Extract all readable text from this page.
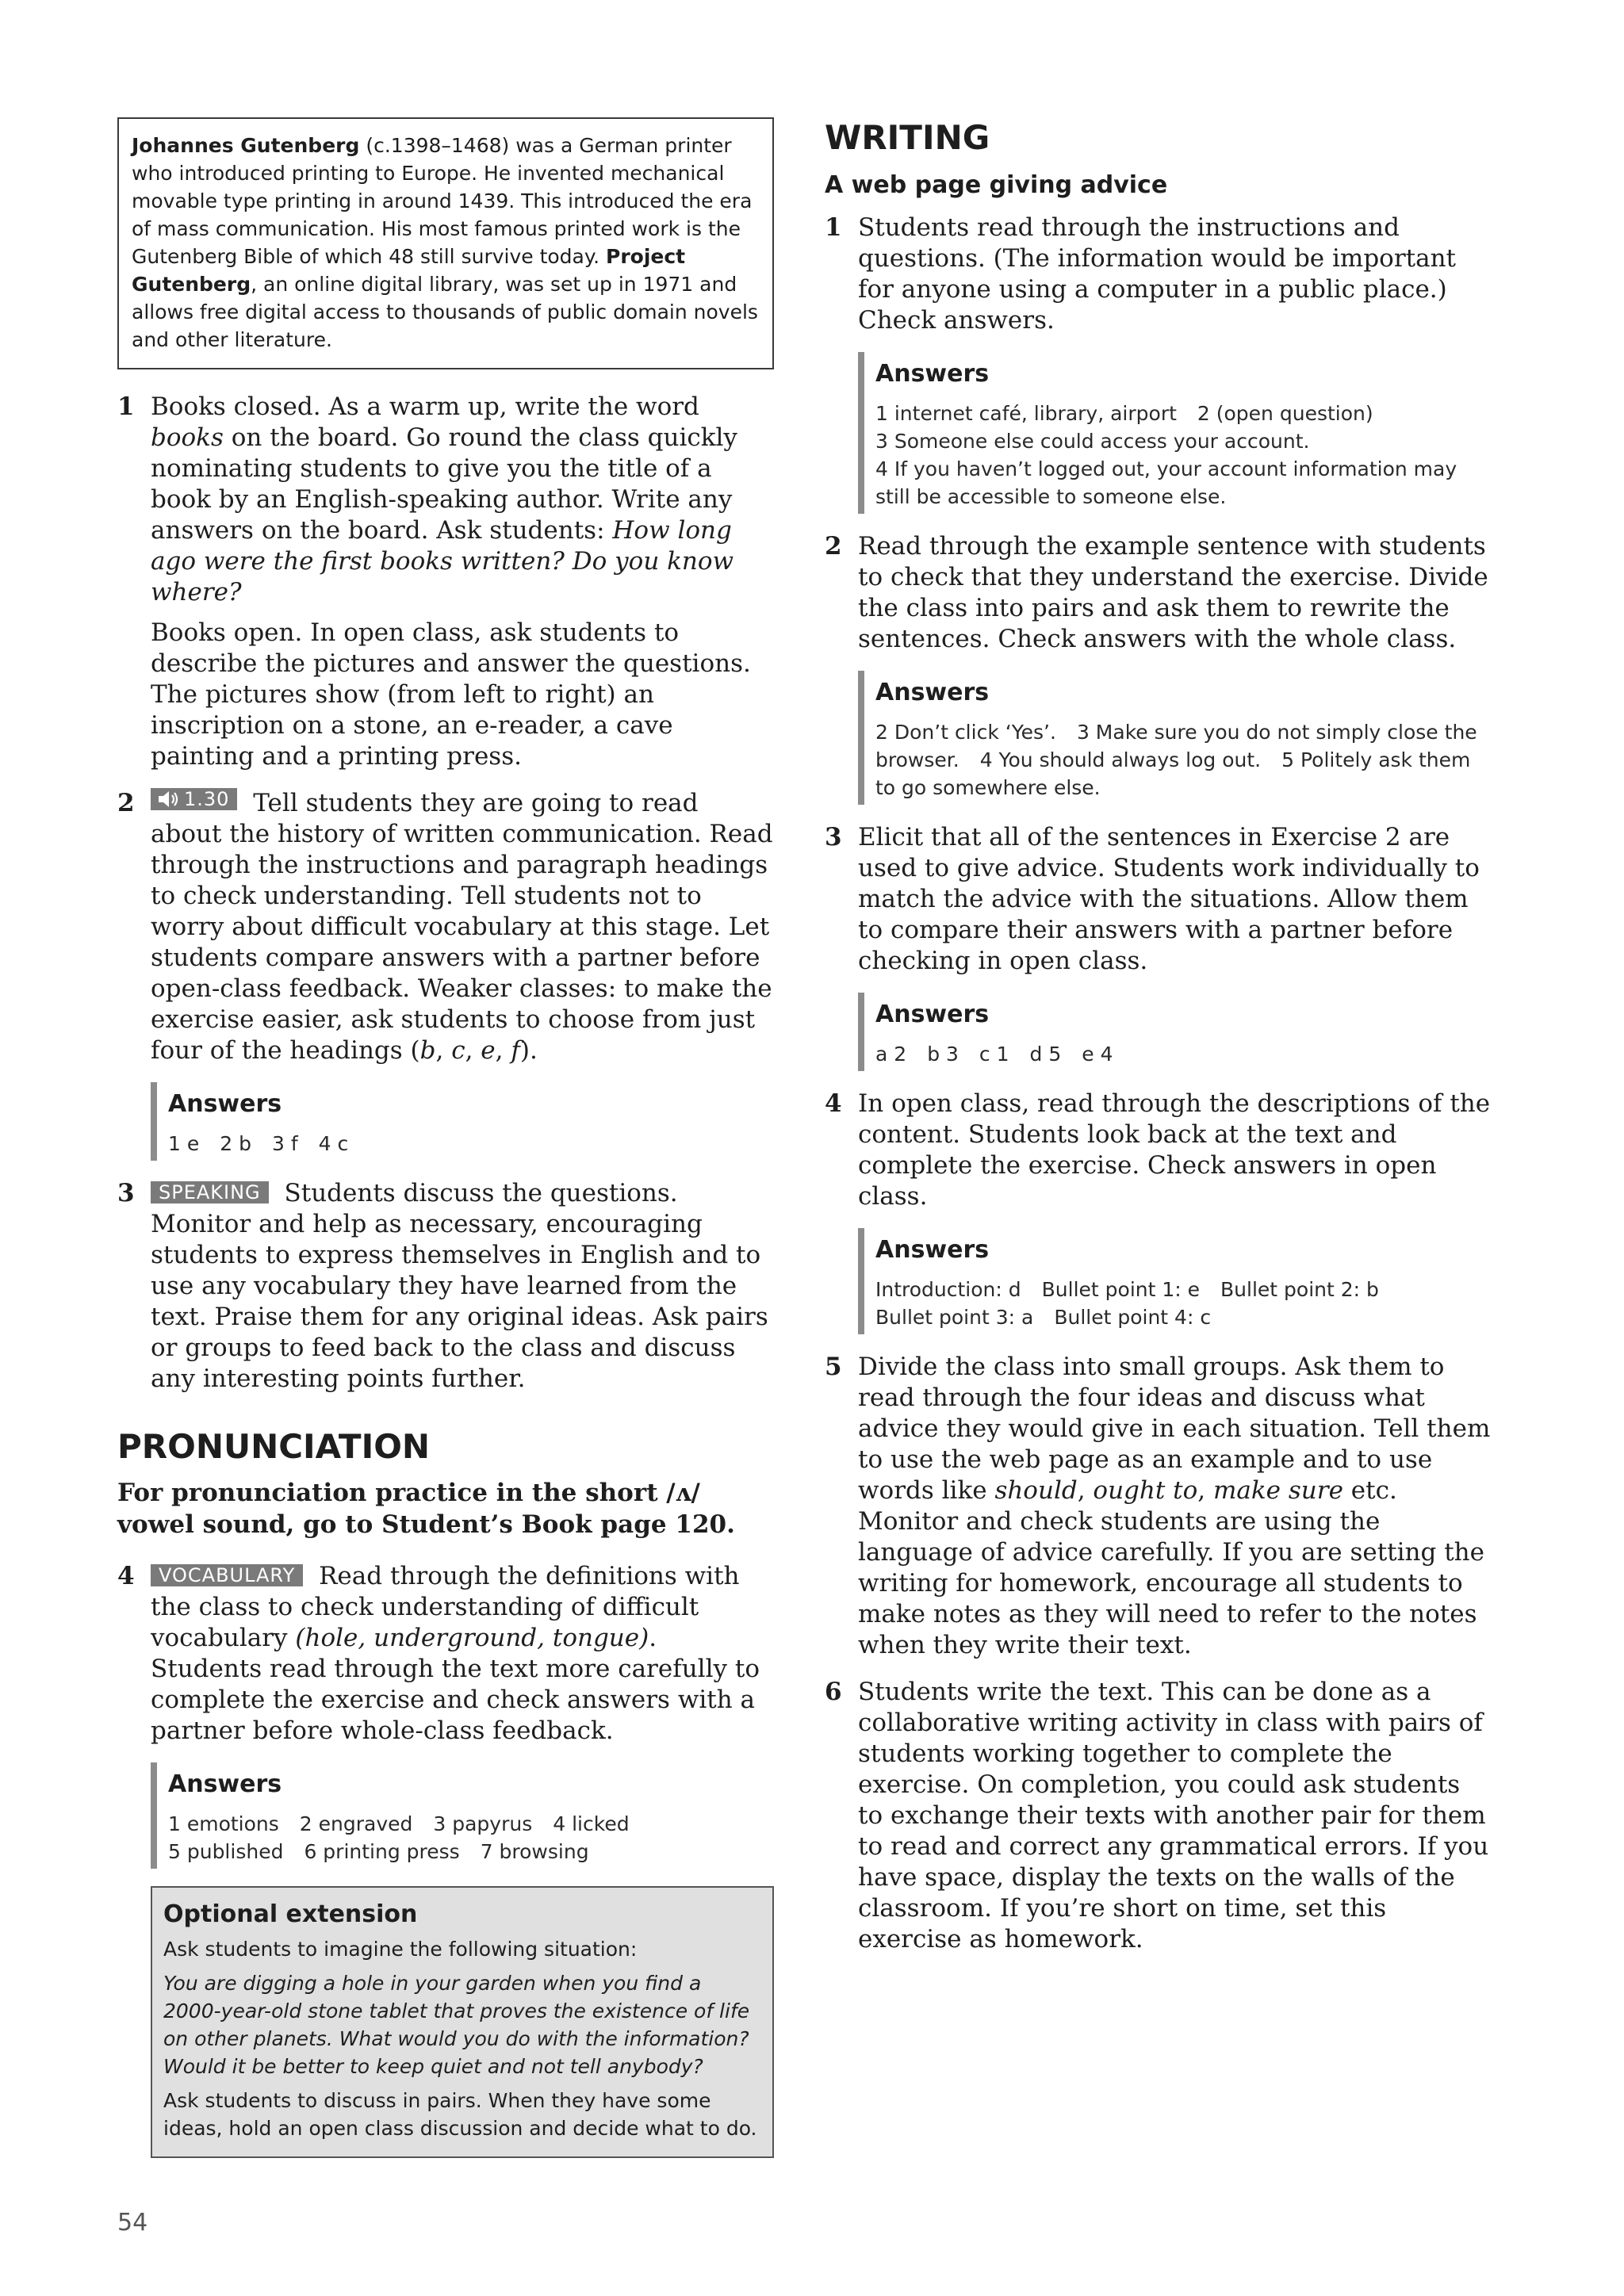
Johannes Gutenberg (c.1398–1468) was a German printer who introduced printing to Europe. He invented mechanical movable type printing in around 1439. This introduced the era of mass communication. His most famous printed work is the Gutenberg Bible of which 48 still survive today. Project Gutenberg, an online digital library, was set up in 1971 and allows free digital access to thousands of public domain novels and other literature.
1 Books closed. As a warm up, write the word books on the board. Go round the class quickly nominating students to give you the title of a book by an English-speaking author. Write any answers on the board. Ask students: How long ago were the first books written? Do you know where?

Books open. In open class, ask students to describe the pictures and answer the questions. The pictures show (from left to right) an inscription on a stone, an e-reader, a cave painting and a printing press.

2	1.30 Tell students they are going to read about the history of written communication. Read through the instructions and paragraph headings to check understanding. Tell students not to worry about difficult vocabulary at this stage. Let students compare answers with a partner before open-class feedback. Weaker classes: to make the exercise easier, ask students to choose from just four of the headings (b, c, e, f).

Answers
1 e 2 b 3 f 4 c
3	SPEAKING Students discuss the questions. Monitor and help as necessary, encouraging students to express themselves in English and to use any vocabulary they have learned from the text. Praise them for any original ideas. Ask pairs or groups to feed back to the class and discuss any interesting points further.

PRONUNCIATION
For pronunciation practice in the short /ʌ/ vowel sound, go to Student’s Book page 120.
4	VOCABULARY Read through the definitions with the class to check understanding of difficult vocabulary (hole, underground, tongue). Students read through the text more carefully to complete the exercise and check answers with a partner before whole-class feedback.

Answers
1 emotions 2 engraved 3 papyrus 4 licked
5 published 6 printing press 7 browsing
Optional extension

Ask students to imagine the following situation:

You are digging a hole in your garden when you find a 2000-year-old stone tablet that proves the existence of life on other planets. What would you do with the information? Would it be better to keep quiet and not tell anybody?

Ask students to discuss in pairs. When they have some ideas, hold an open class discussion and decide what to do.

WRITING
A web page giving advice
1 Students read through the instructions and questions. (The information would be important for anyone using a computer in a public place.) Check answers.

Answers
1 internet café, library, airport 2 (open question)
3 Someone else could access your account.
4 If you haven’t logged out, your account information may still be accessible to someone else.
2 Read through the example sentence with students to check that they understand the exercise. Divide the class into pairs and ask them to rewrite the sentences. Check answers with the whole class.

Answers
2 Don’t click ‘Yes’. 3 Make sure you do not simply close the browser. 4 You should always log out. 5 Politely ask them to go somewhere else.
3 Elicit that all of the sentences in Exercise 2 are used to give advice. Students work individually to match the advice with the situations. Allow them to compare their answers with a partner before checking in open class.

Answers
a 2 b 3 c 1 d 5 e 4
4 In open class, read through the descriptions of the content. Students look back at the text and complete the exercise. Check answers in open class.

Answers
Introduction: d Bullet point 1: e Bullet point 2: b
Bullet point 3: a Bullet point 4: c
5 Divide the class into small groups. Ask them to read through the four ideas and discuss what advice they would give in each situation. Tell them to use the web page as an example and to use words like should, ought to, make sure etc. Monitor and check students are using the language of advice carefully. If you are setting the writing for homework, encourage all students to make notes as they will need to refer to the notes when they write their text.

6 Students write the text. This can be done as a collaborative writing activity in class with pairs of students working together to complete the exercise. On completion, you could ask students to exchange their texts with another pair for them to read and correct any grammatical errors. If you have space, display the texts on the walls of the classroom. If you’re short on time, set this exercise as homework.

54
